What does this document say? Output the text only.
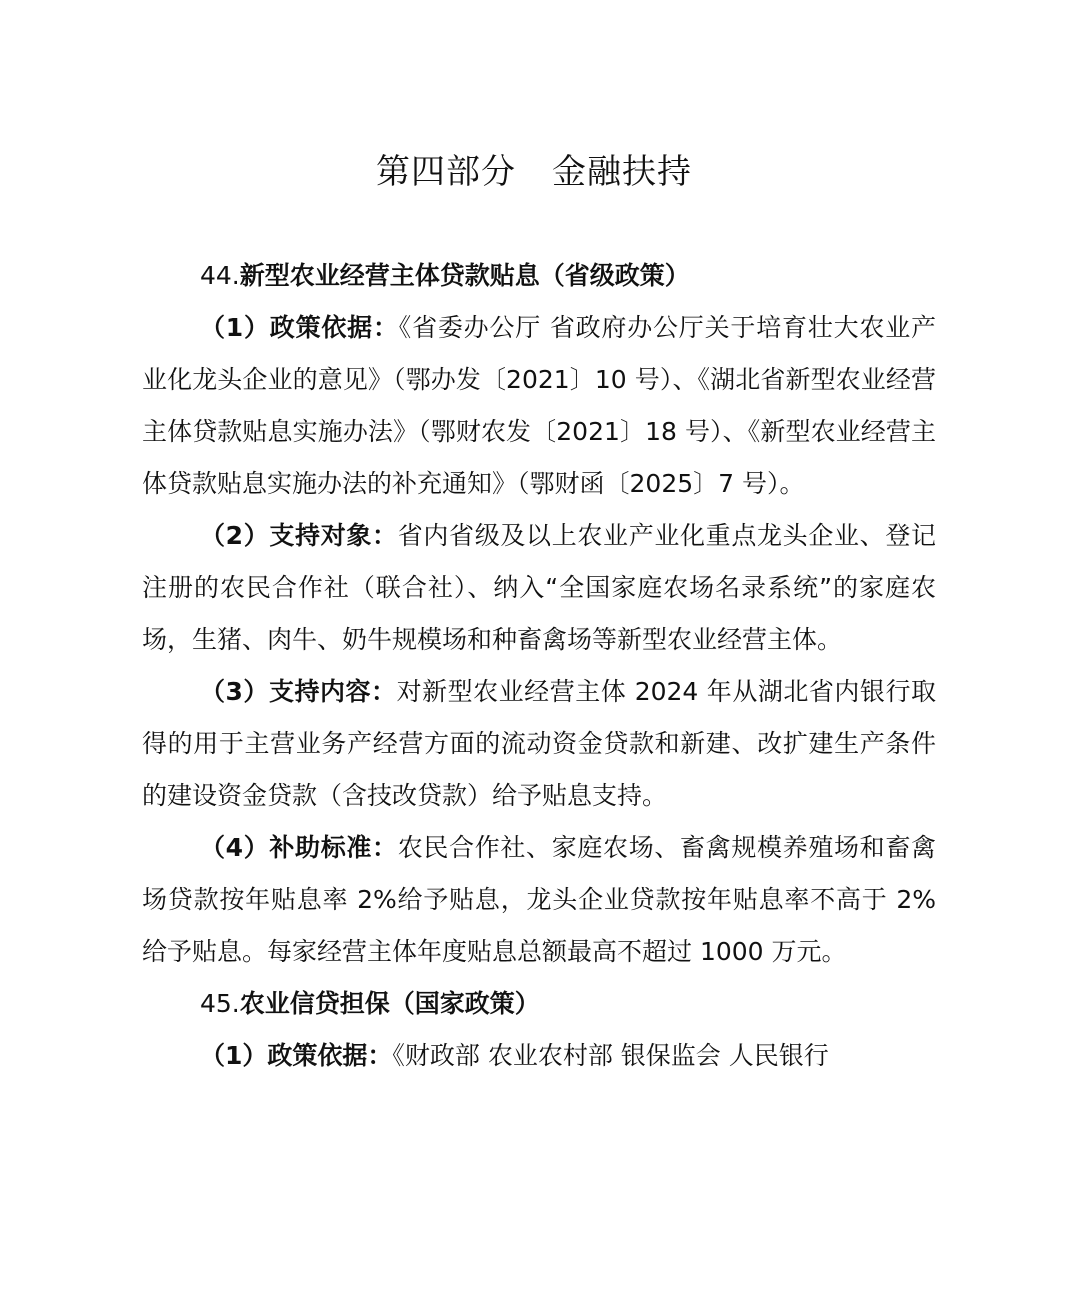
第四部分 金融扶持

44.新型农业经营主体贷款贴息（省级政策）

（1）政策依据：《省委办公厅 省政府办公厅关于培育壮大农业产业化龙头企业的意见》（鄂办发〔2021〕10 号）、《湖北省新型农业经营主体贷款贴息实施办法》（鄂财农发〔2021〕18 号）、《新型农业经营主体贷款贴息实施办法的补充通知》（鄂财函〔2025〕7 号）。

（2）支持对象：省内省级及以上农业产业化重点龙头企业、登记注册的农民合作社（联合社）、纳入“全国家庭农场名录系统”的家庭农场，生猪、肉牛、奶牛规模场和种畜禽场等新型农业经营主体。

（3）支持内容：对新型农业经营主体 2024 年从湖北省内银行取得的用于主营业务产经营方面的流动资金贷款和新建、改扩建生产条件的建设资金贷款（含技改贷款）给予贴息支持。

（4）补助标准：农民合作社、家庭农场、畜禽规模养殖场和畜禽场贷款按年贴息率 2%给予贴息，龙头企业贷款按年贴息率不高于 2%给予贴息。每家经营主体年度贴息总额最高不超过 1000 万元。

45.农业信贷担保（国家政策）

（1）政策依据：《财政部 农业农村部 银保监会 人民银行
